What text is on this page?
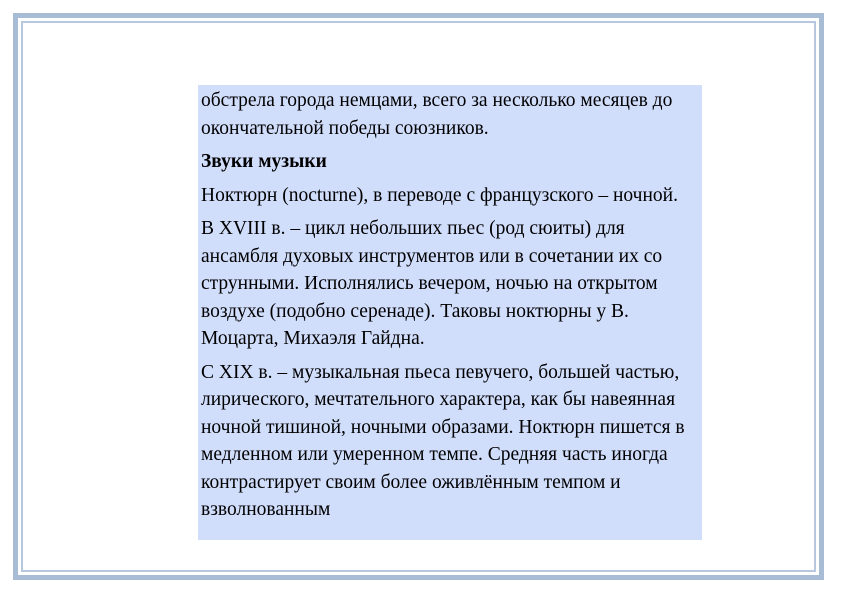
обстрела города немцами, всего за несколько месяцев до окончательной победы союзников.

Звуки музыки

Ноктюрн (nocturne), в переводе с французского – ночной.

В XVIII в. – цикл небольших пьес (род сюиты) для ансамбля духовых инструментов или в сочетании их со струнными. Исполнялись вечером, ночью на открытом воздухе (подобно серенаде). Таковы ноктюрны у В. Моцарта, Михаэля Гайдна.

С XIX в. – музыкальная пьеса певучего, большей частью, лирического, мечтательного характера, как бы навеянная ночной тишиной, ночными образами. Ноктюрн пишется в медленном или умеренном темпе. Средняя часть иногда контрастирует своим более оживлённым темпом и взволнованным
